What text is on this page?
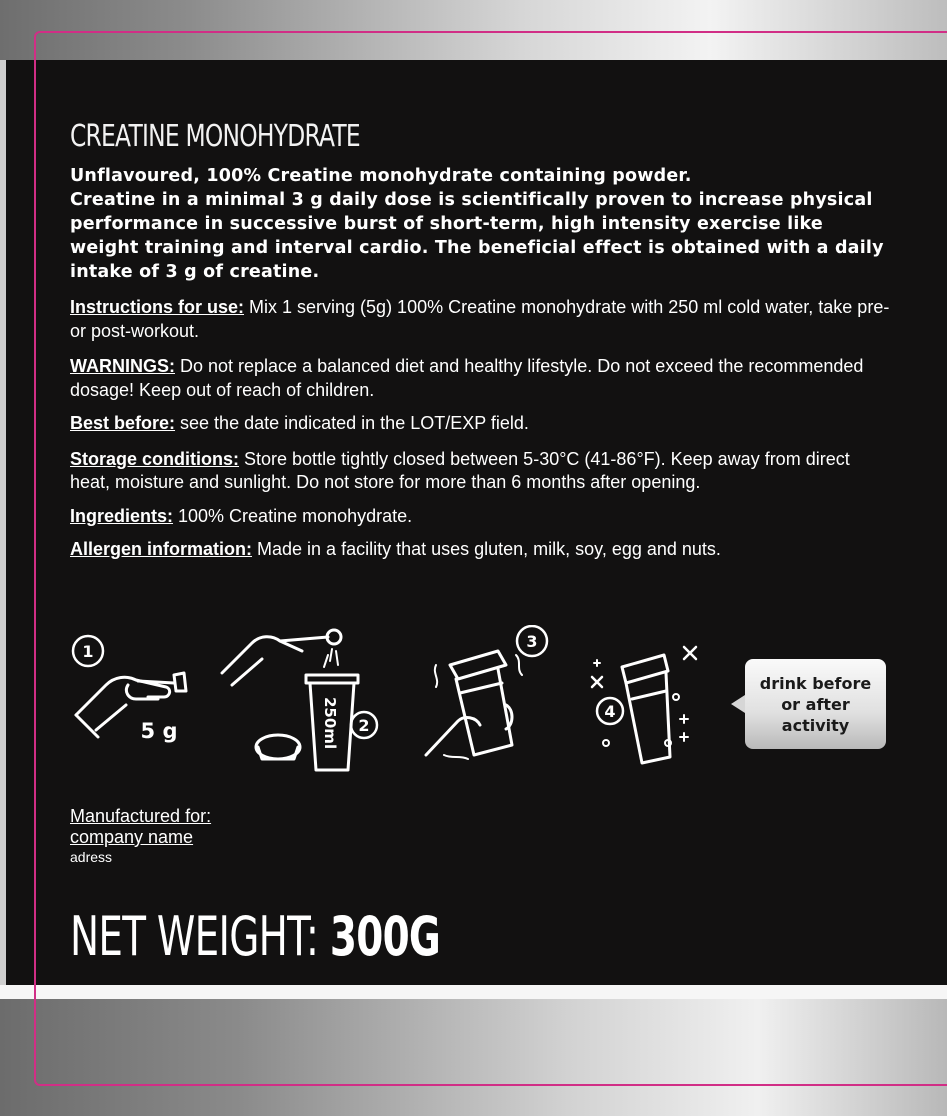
CREATINE MONOHYDRATE

Unflavoured, 100% Creatine monohydrate containing powder.

Creatine in a minimal 3 g daily dose is scientifically proven to increase physical performance in successive burst of short-term, high intensity exercise like weight training and interval cardio. The beneficial effect is obtained with a daily intake of 3 g of creatine.

Instructions for use: Mix 1 serving (5g) 100% Creatine monohydrate with 250 ml cold water, take pre- or post-workout.

WARNINGS: Do not replace a balanced diet and healthy lifestyle. Do not exceed the recommended dosage! Keep out of reach of children.

Best before: see the date indicated in the LOT/EXP field.

Storage conditions: Store bottle tightly closed between 5-30°C (41-86°F). Keep away from direct heat, moisture and sunlight. Do not store for more than 6 months after opening.

Ingredients: 100% Creatine monohydrate.

Allergen information: Made in a facility that uses gluten, milk, soy, egg and nuts.

1
5 g	2
250ml
3
4
drink before or after activity
Manufactured for:
company name
adress
NET WEIGHT: 300G
